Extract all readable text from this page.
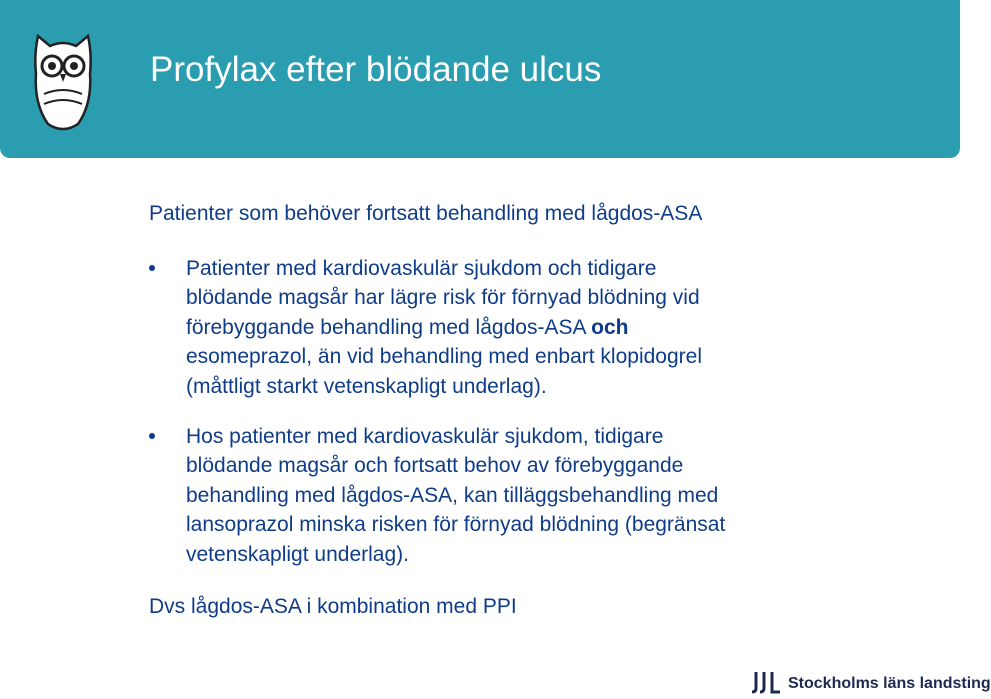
Profylax efter blödande ulcus
Patienter som behöver fortsatt behandling med lågdos-ASA
Patienter med kardiovaskulär sjukdom och tidigare
blödande magsår har lägre risk för förnyad blödning vid
förebyggande behandling med lågdos-ASA och
esomeprazol, än vid behandling med enbart klopidogrel
(måttligt starkt vetenskapligt underlag).
Hos patienter med kardiovaskulär sjukdom, tidigare
blödande magsår och fortsatt behov av förebyggande
behandling med lågdos-ASA, kan tilläggsbehandling med
lansoprazol minska risken för förnyad blödning (begränsat
vetenskapligt underlag).
Dvs lågdos-ASA i kombination med PPI
Stockholms läns landsting
